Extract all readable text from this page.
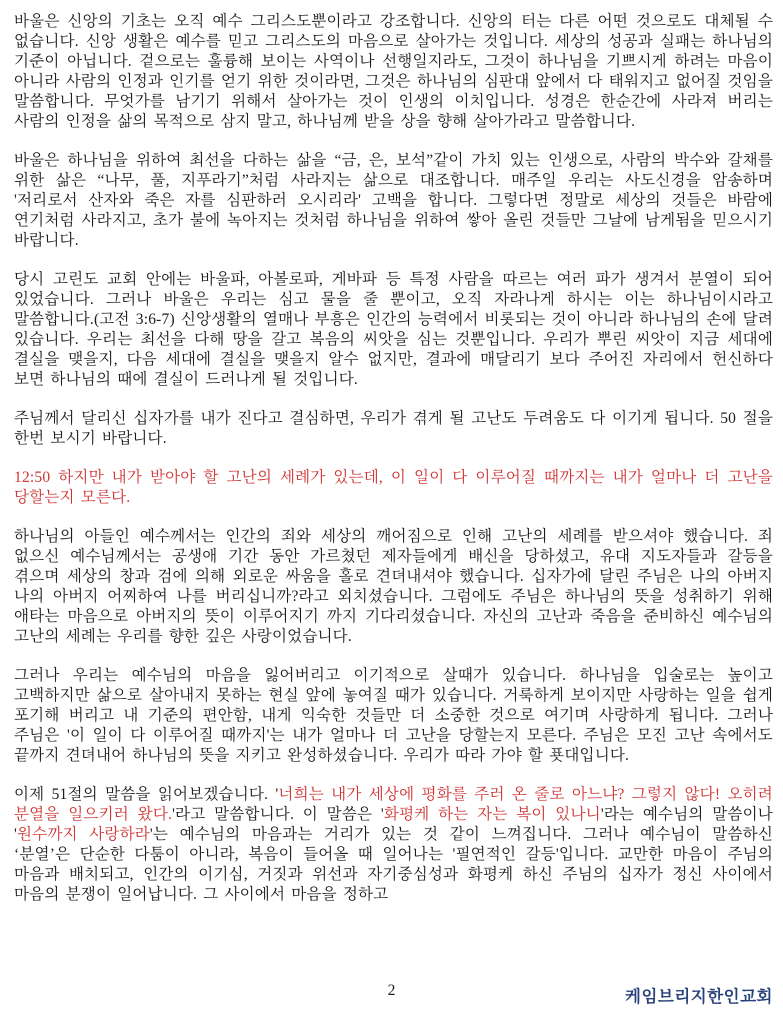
바울은 신앙의 기초는 오직 예수 그리스도뿐이라고 강조합니다. 신앙의 터는 다른 어떤 것으로도 대체될 수 없습니다. 신앙 생활은 예수를 믿고 그리스도의 마음으로 살아가는 것입니다. 세상의 성공과 실패는 하나님의 기준이 아닙니다. 겉으로는 훌륭해 보이는 사역이나 선행일지라도, 그것이 하나님을 기쁘시게 하려는 마음이 아니라 사람의 인정과 인기를 얻기 위한 것이라면, 그것은 하나님의 심판대 앞에서 다 태워지고 없어질 것임을 말씀합니다. 무엇가를 남기기 위해서 살아가는 것이 인생의 이치입니다. 성경은 한순간에 사라져 버리는 사람의 인정을 삶의 목적으로 삼지 말고, 하나님께 받을 상을 향해 살아가라고 말씀합니다.

바울은 하나님을 위하여 최선을 다하는 삶을 “금, 은, 보석”같이 가치 있는 인생으로, 사람의 박수와 갈채를 위한 삶은 “나무, 풀, 지푸라기”처럼 사라지는 삶으로 대조합니다. 매주일 우리는 사도신경을 암송하며 '저리로서 산자와 죽은 자를 심판하러 오시리라' 고백을 합니다. 그렇다면 정말로 세상의 것들은 바람에 연기처럼 사라지고, 초가 불에 녹아지는 것처럼 하나님을 위하여 쌓아 올린 것들만 그날에 남게됨을 믿으시기 바랍니다.

당시 고린도 교회 안에는 바울파, 아볼로파, 게바파 등 특정 사람을 따르는 여러 파가 생겨서 분열이 되어 있었습니다. 그러나 바울은 우리는 심고 물을 줄 뿐이고, 오직 자라나게 하시는 이는 하나님이시라고 말씀합니다.(고전 3:6-7) 신앙생활의 열매나 부흥은 인간의 능력에서 비롯되는 것이 아니라 하나님의 손에 달려 있습니다. 우리는 최선을 다해 땅을 갈고 복음의 씨앗을 심는 것뿐입니다. 우리가 뿌린 씨앗이 지금 세대에 결실을 맺을지, 다음 세대에 결실을 맺을지 알수 없지만, 결과에 매달리기 보다 주어진 자리에서 헌신하다 보면 하나님의 때에 결실이 드러나게 될 것입니다.

주님께서 달리신 십자가를 내가 진다고 결심하면, 우리가 겪게 될 고난도 두려움도 다 이기게 됩니다. 50 절을 한번 보시기 바랍니다.

12:50 하지만 내가 받아야 할 고난의 세례가 있는데, 이 일이 다 이루어질 때까지는 내가 얼마나 더 고난을 당할는지 모른다.

하나님의 아들인 예수께서는 인간의 죄와 세상의 깨어짐으로 인해 고난의 세례를 받으셔야 했습니다. 죄 없으신 예수님께서는 공생애 기간 동안 가르쳤던 제자들에게 배신을 당하셨고, 유대 지도자들과 갈등을 겪으며 세상의 창과 검에 의해 외로운 싸움을 홀로 견뎌내셔야 했습니다. 십자가에 달린 주님은 나의 아버지 나의 아버지 어찌하여 나를 버리십니까?라고 외치셨습니다. 그럼에도 주님은 하나님의 뜻을 성취하기 위해 애타는 마음으로 아버지의 뜻이 이루어지기 까지 기다리셨습니다. 자신의 고난과 죽음을 준비하신 예수님의 고난의 세례는 우리를 향한 깊은 사랑이었습니다.

그러나 우리는 예수님의 마음을 잃어버리고 이기적으로 살때가 있습니다. 하나님을 입술로는 높이고 고백하지만 삶으로 살아내지 못하는 현실 앞에 놓여질 때가 있습니다. 거룩하게 보이지만 사랑하는 일을 쉽게 포기해 버리고 내 기준의 편안함, 내게 익숙한 것들만 더 소중한 것으로 여기며 사랑하게 됩니다. 그러나 주님은 '이 일이 다 이루어질 때까지'는 내가 얼마나 더 고난을 당할는지 모른다. 주님은 모진 고난 속에서도 끝까지 견뎌내어 하나님의 뜻을 지키고 완성하셨습니다. 우리가 따라 가야 할 푯대입니다.

이제 51절의 말씀을 읽어보겠습니다. '너희는 내가 세상에 평화를 주러 온 줄로 아느냐? 그렇지 않다! 오히려 분열을 일으키러 왔다.'라고 말씀합니다. 이 말씀은 '화평케 하는 자는 복이 있나니'라는 예수님의 말씀이나 '원수까지 사랑하라'는 예수님의 마음과는 거리가 있는 것 같이 느껴집니다. 그러나 예수님이 말씀하신 ‘분열’은 단순한 다툼이 아니라, 복음이 들어올 때 일어나는 '필연적인 갈등'입니다. 교만한 마음이 주님의 마음과 배치되고, 인간의 이기심, 거짓과 위선과 자기중심성과 화평케 하신 주님의 십자가 정신 사이에서 마음의 분쟁이 일어납니다. 그 사이에서 마음을 정하고

2	케임브리지한인교회
